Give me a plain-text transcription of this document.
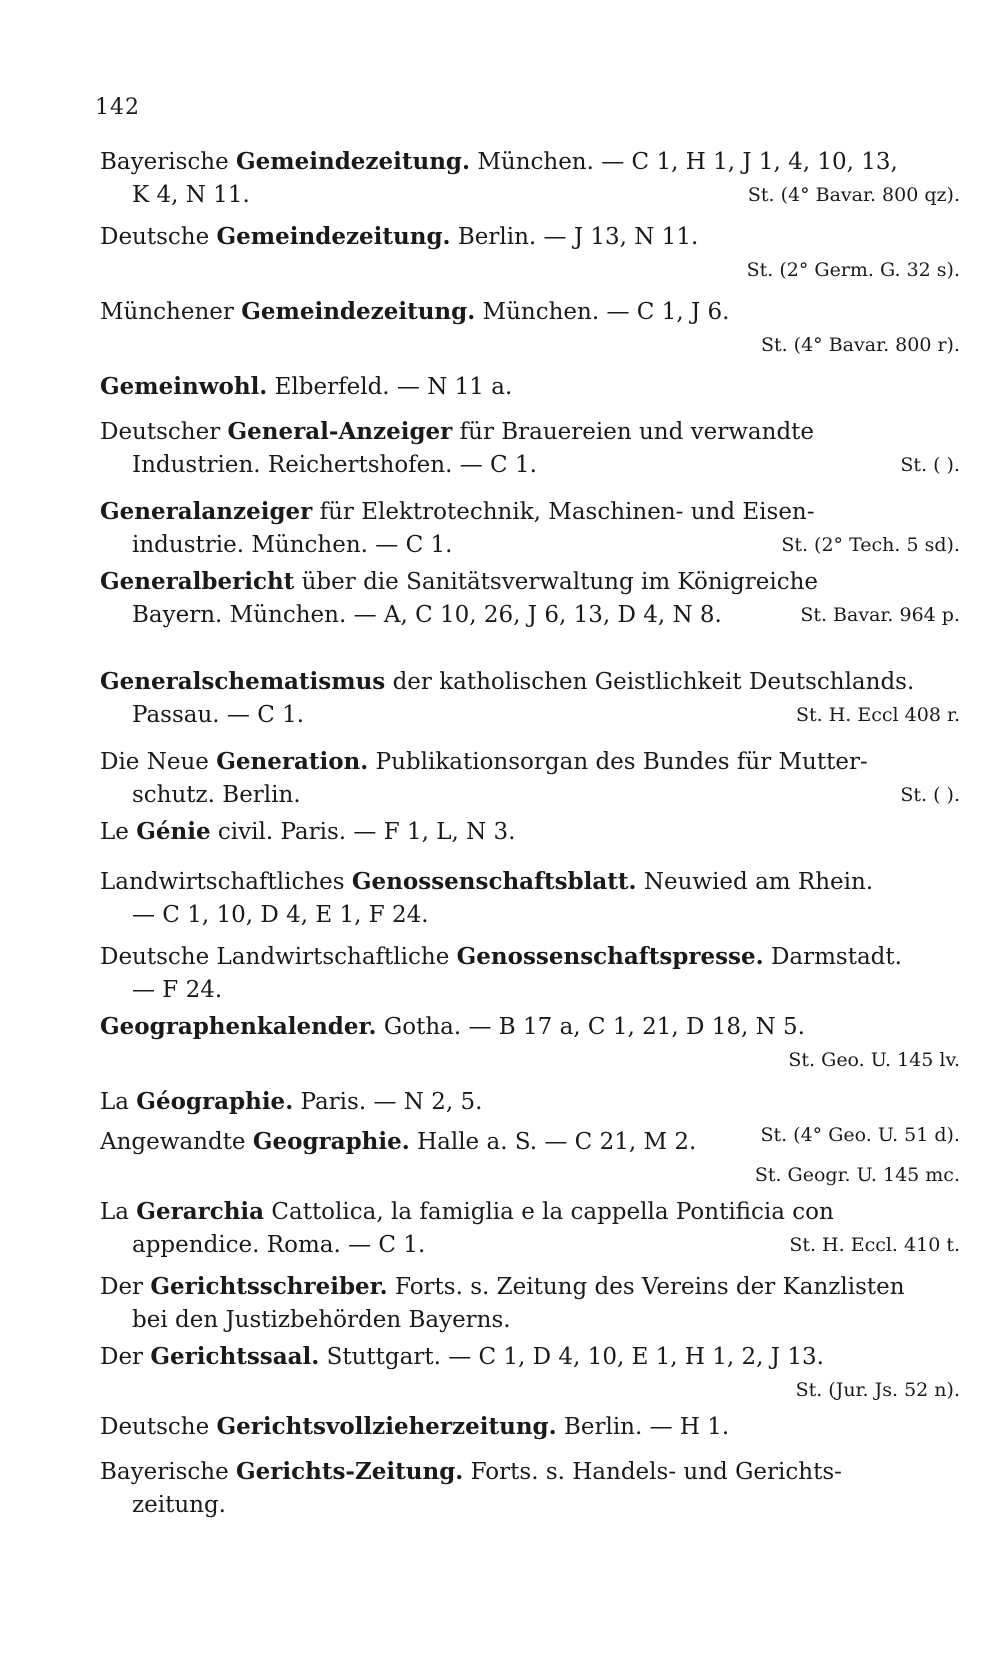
142
Bayerische Gemeindezeitung. München. — C 1, H 1, J 1, 4, 10, 13,
St. (4° Bavar. 800 qz).
K 4, N 11.
Deutsche Gemeindezeitung. Berlin. — J 13, N 11.
St. (2° Germ. G. 32 s).
Münchener Gemeindezeitung. München. — C 1, J 6.
St. (4° Bavar. 800 r).
Gemeinwohl. Elberfeld. — N 11 a.
Deutscher General-Anzeiger für Brauereien und verwandte
St. ( ).
Industrien. Reichertshofen. — C 1.
Generalanzeiger für Elektrotechnik, Maschinen- und Eisen-
St. (2° Tech. 5 sd).
industrie. München. — C 1.
Generalbericht über die Sanitätsverwaltung im Königreiche
St. Bavar. 964 p.
Bayern. München. — A, C 10, 26, J 6, 13, D 4, N 8.
Generalschematismus der katholischen Geistlichkeit Deutschlands.
St. H. Eccl 408 r.
Passau. — C 1.
Die Neue Generation. Publikationsorgan des Bundes für Mutter-
St. ( ).
schutz. Berlin.
Le Génie civil. Paris. — F 1, L, N 3.
Landwirtschaftliches Genossenschaftsblatt. Neuwied am Rhein.
— C 1, 10, D 4, E 1, F 24.
Deutsche Landwirtschaftliche Genossenschaftspresse. Darmstadt.
— F 24.
Geographenkalender. Gotha. — B 17 a, C 1, 21, D 18, N 5.
St. Geo. U. 145 lv.
La Géographie. Paris. — N 2, 5.
St. (4° Geo. U. 51 d).
Angewandte Geographie. Halle a. S. — C 21, M 2.
St. Geogr. U. 145 mc.
La Gerarchia Cattolica, la famiglia e la cappella Pontificia con
St. H. Eccl. 410 t.
appendice. Roma. — C 1.
Der Gerichtsschreiber. Forts. s. Zeitung des Vereins der Kanzlisten
bei den Justizbehörden Bayerns.
Der Gerichtssaal. Stuttgart. — C 1, D 4, 10, E 1, H 1, 2, J 13.
St. (Jur. Js. 52 n).
Deutsche Gerichtsvollzieherzeitung. Berlin. — H 1.
Bayerische Gerichts-Zeitung. Forts. s. Handels- und Gerichts-
zeitung.
